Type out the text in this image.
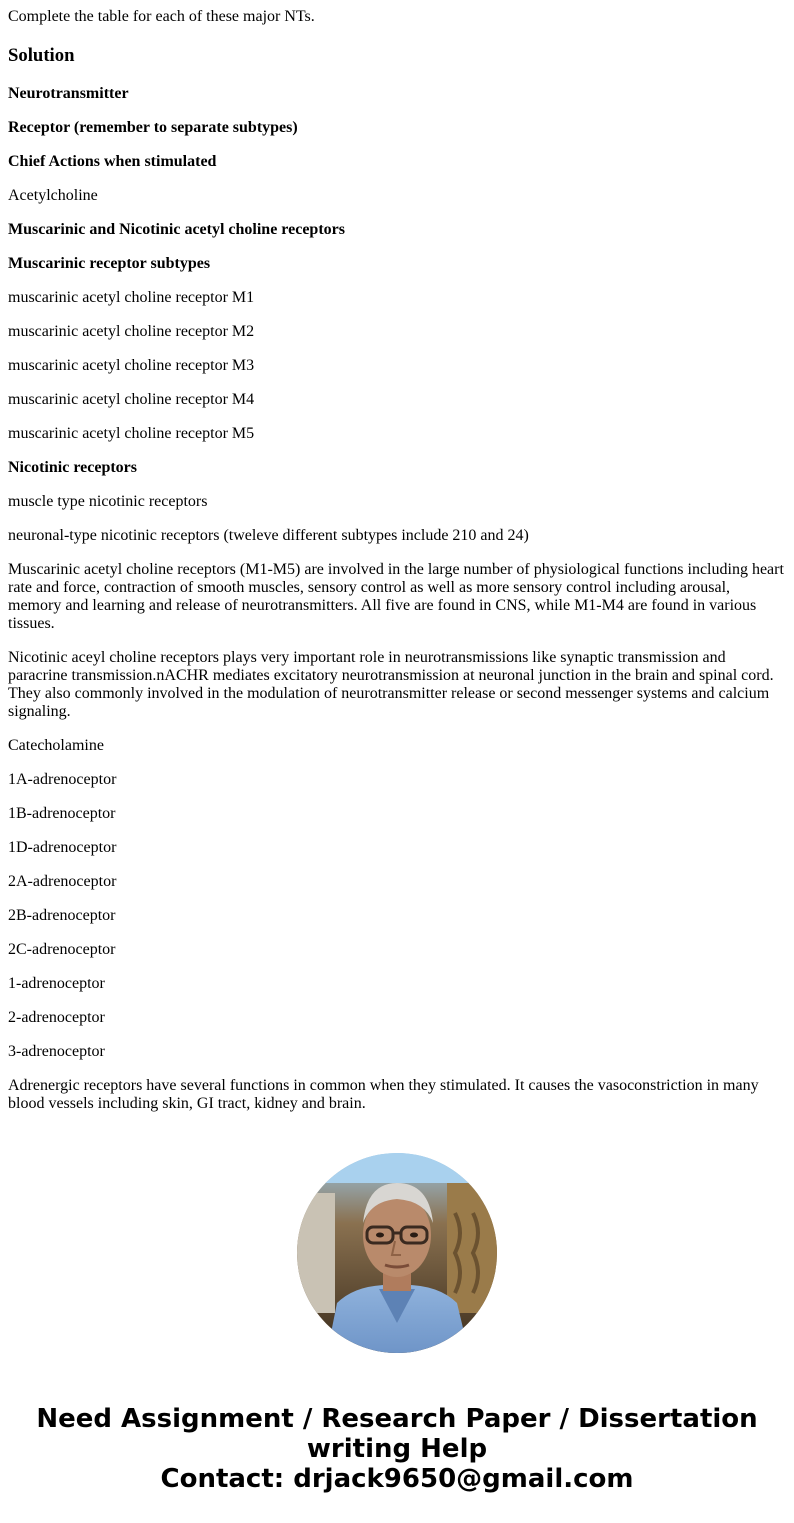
Complete the table for each of these major NTs.

Solution

Neurotransmitter

Receptor (remember to separate subtypes)

Chief Actions when stimulated

Acetylcholine

Muscarinic and Nicotinic acetyl choline receptors

Muscarinic receptor subtypes

muscarinic acetyl choline receptor M1

muscarinic acetyl choline receptor M2

muscarinic acetyl choline receptor M3

muscarinic acetyl choline receptor M4

muscarinic acetyl choline receptor M5

Nicotinic receptors

muscle type nicotinic receptors

neuronal-type nicotinic receptors (tweleve different subtypes include 210 and 24)

Muscarinic acetyl choline receptors (M1-M5) are involved in the large number of physiological functions including heart rate and force, contraction of smooth muscles, sensory control as well as more sensory control including arousal, memory and learning and release of neurotransmitters. All five are found in CNS, while M1-M4 are found in various tissues.

Nicotinic aceyl choline receptors plays very important role in neurotransmissions like synaptic transmission and paracrine transmission.nACHR mediates excitatory neurotransmission at neuronal junction in the brain and spinal cord. They also commonly involved in the modulation of neurotransmitter release or second messenger systems and calcium signaling.

Catecholamine

1A-adrenoceptor

1B-adrenoceptor

1D-adrenoceptor

2A-adrenoceptor

2B-adrenoceptor

2C-adrenoceptor

1-adrenoceptor

2-adrenoceptor

3-adrenoceptor

Adrenergic receptors have several functions in common when they stimulated. It causes the vasoconstriction in many blood vessels including skin, GI tract, kidney and brain.

Need Assignment / Research Paper / Dissertation
writing Help
Contact: drjack9650@gmail.com
